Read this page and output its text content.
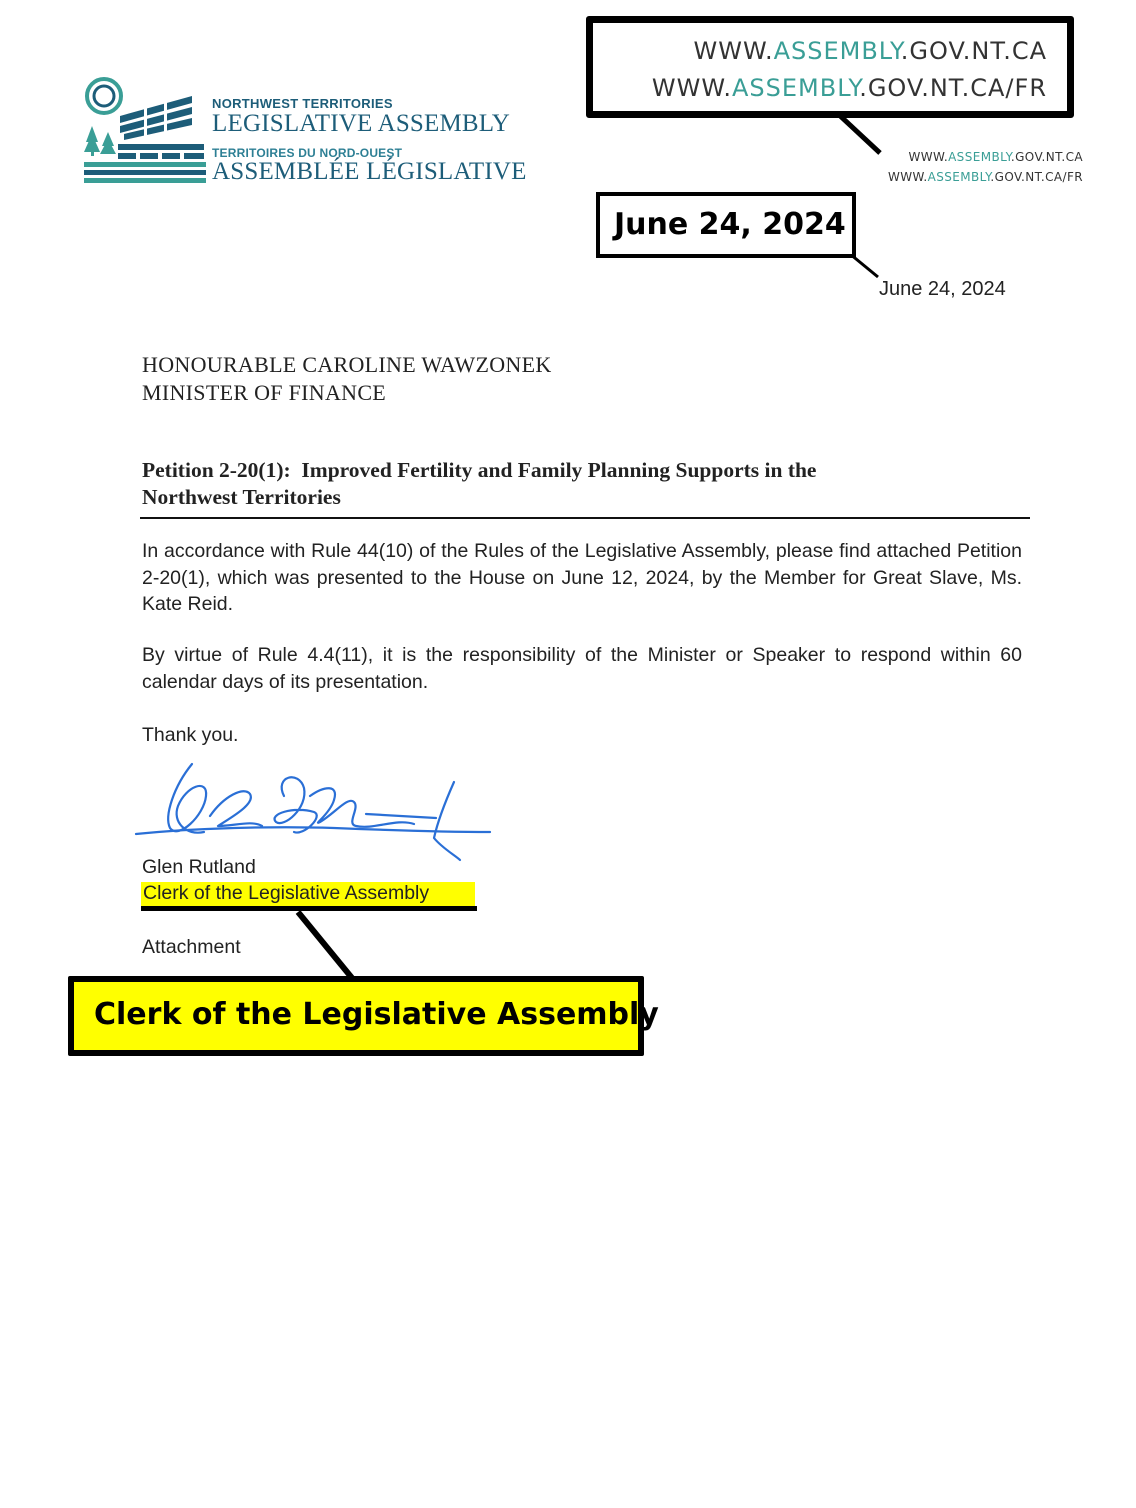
NORTHWEST TERRITORIES
LEGISLATIVE ASSEMBLY
TERRITOIRES DU NORD-OUEST
ASSEMBLÉE LÉGISLATIVE
WWW.ASSEMBLY.GOV.NT.CA
WWW.ASSEMBLY.GOV.NT.CA/FR
WWW.ASSEMBLY.GOV.NT.CA
WWW.ASSEMBLY.GOV.NT.CA/FR
June 24, 2024
June 24, 2024
HONOURABLE CAROLINE WAWZONEK
MINISTER OF FINANCE
Petition 2-20(1):  Improved Fertility and Family Planning Supports in the
Northwest Territories
In accordance with Rule 44(10) of the Rules of the Legislative Assembly, please find attached Petition 2-20(1), which was presented to the House on June 12, 2024, by the Member for Great Slave, Ms. Kate Reid.
By virtue of Rule 4.4(11), it is the responsibility of the Minister or Speaker to respond within 60 calendar days of its presentation.
Thank you.
Glen Rutland
Clerk of the Legislative Assembly
Attachment
Clerk of the Legislative Assembly
